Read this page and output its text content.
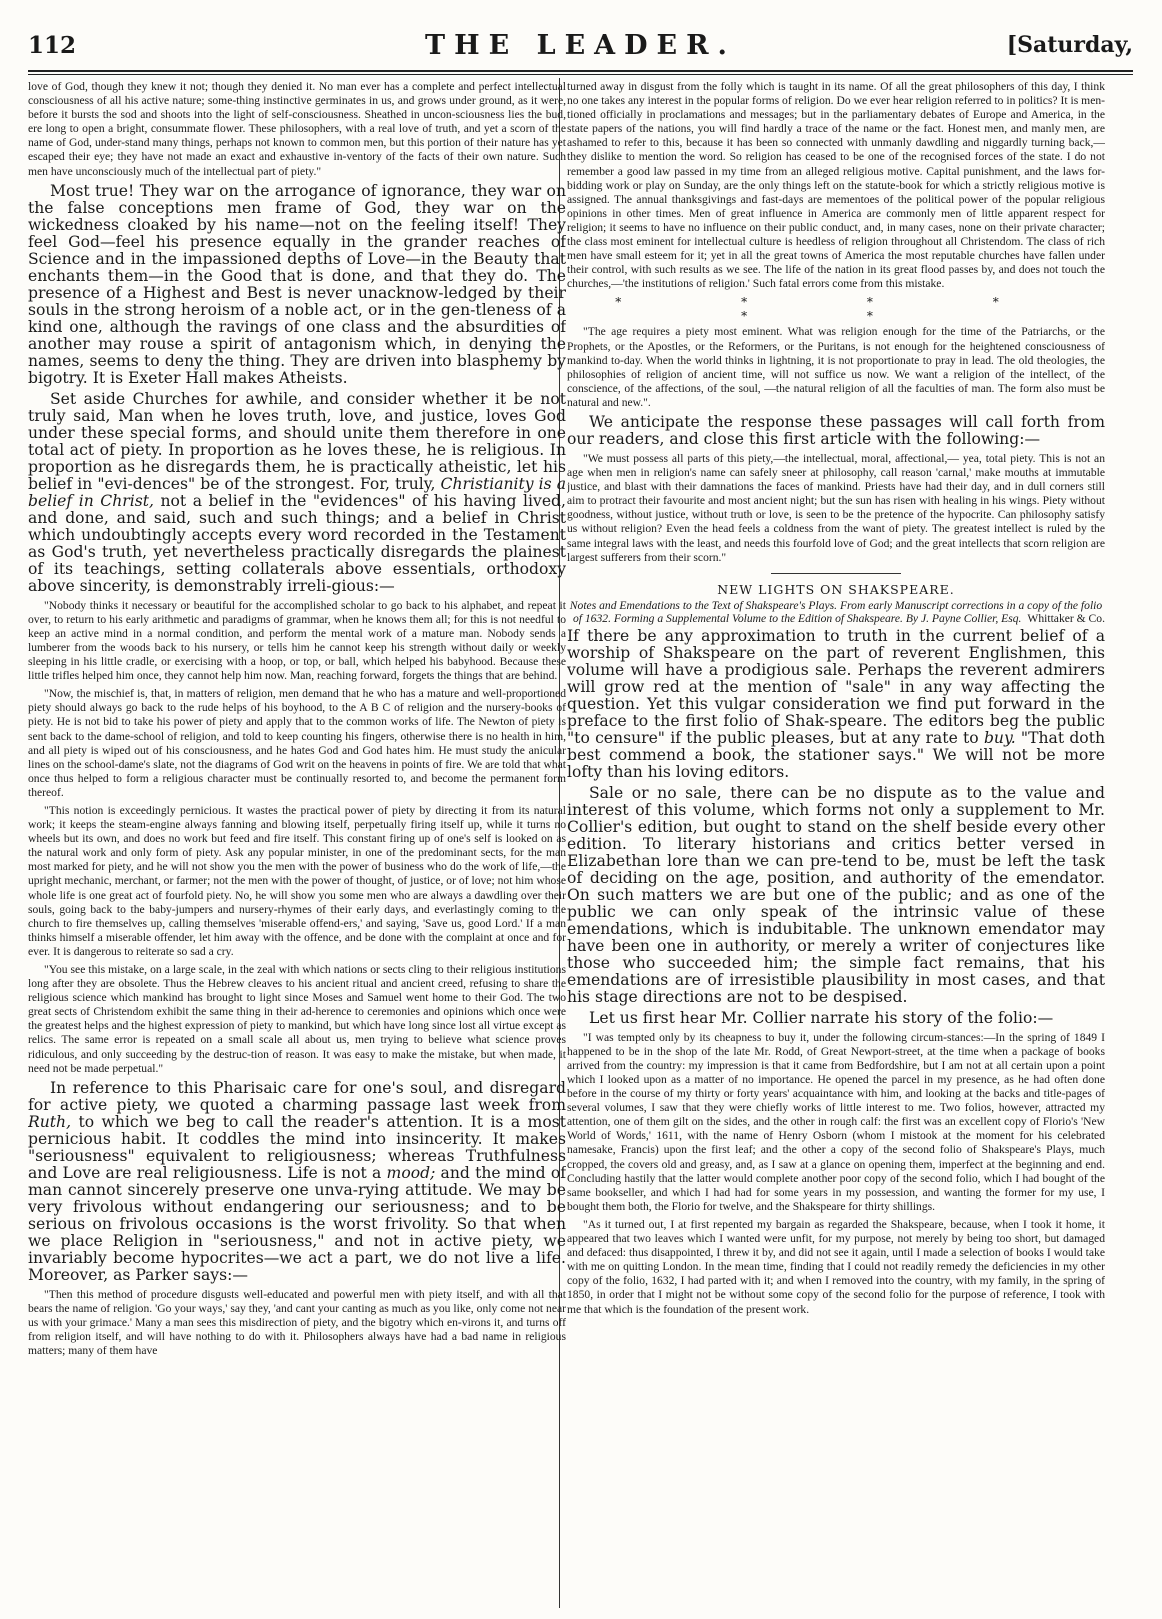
112	THE LEADER.	[Saturday,

love of God, though they knew it not; though they denied it. No man ever has a complete and perfect intellectual consciousness of all his active nature; some-thing instinctive germinates in us, and grows under ground, as it were, before it bursts the sod and shoots into the light of self-consciousness. Sheathed in uncon-sciousness lies the bud, ere long to open a bright, consummate flower. These philosophers, with a real love of truth, and yet a scorn of the name of God, under-stand many things, perhaps not known to common men, but this portion of their nature has yet escaped their eye; they have not made an exact and exhaustive in-ventory of the facts of their own nature. Such men have unconsciously much of the intellectual part of piety."

Most true! They war on the arrogance of ignorance, they war on the false conceptions men frame of God, they war on the wickedness cloaked by his name—not on the feeling itself! They feel God—feel his presence equally in the grander reaches of Science and in the impassioned depths of Love—in the Beauty that enchants them—in the Good that is done, and that they do. The presence of a Highest and Best is never unacknow-ledged by their souls in the strong heroism of a noble act, or in the gen-tleness of a kind one, although the ravings of one class and the absurdities of another may rouse a spirit of antagonism which, in denying the names, seems to deny the thing. They are driven into blasphemy by bigotry. It is Exeter Hall makes Atheists.

Set aside Churches for awhile, and consider whether it be not truly said, Man when he loves truth, love, and justice, loves God under these special forms, and should unite them therefore in one total act of piety. In proportion as he loves these, he is religious. In proportion as he disregards them, he is practically atheistic, let his belief in "evi-dences" be of the strongest. For, truly, Christianity is a belief in Christ, not a belief in the "evidences" of his having lived, and done, and said, such and such things; and a belief in Christ which undoubtingly accepts every word recorded in the Testament as God's truth, yet nevertheless practically disregards the plainest of its teachings, setting collaterals above essentials, orthodoxy above sincerity, is demonstrably irreli-gious:—

"Nobody thinks it necessary or beautiful for the accomplished scholar to go back to his alphabet, and repeat it over, to return to his early arithmetic and paradigms of grammar, when he knows them all; for this is not needful to keep an active mind in a normal condition, and perform the mental work of a mature man. Nobody sends a lumberer from the woods back to his nursery, or tells him he cannot keep his strength without daily or weekly sleeping in his little cradle, or exercising with a hoop, or top, or ball, which helped his babyhood. Because these little trifles helped him once, they cannot help him now. Man, reaching forward, forgets the things that are behind.

"Now, the mischief is, that, in matters of religion, men demand that he who has a mature and well-proportioned piety should always go back to the rude helps of his boyhood, to the A B C of religion and the nursery-books of piety. He is not bid to take his power of piety and apply that to the common works of life. The Newton of piety is sent back to the dame-school of religion, and told to keep counting his fingers, otherwise there is no health in him, and all piety is wiped out of his consciousness, and he hates God and God hates him. He must study the anicular lines on the school-dame's slate, not the diagrams of God writ on the heavens in points of fire. We are told that what once thus helped to form a religious character must be continually resorted to, and become the permanent form thereof.

"This notion is exceedingly pernicious. It wastes the practical power of piety by directing it from its natural work; it keeps the steam-engine always fanning and blowing itself, perpetually firing itself up, while it turns no wheels but its own, and does no work but feed and fire itself. This constant firing up of one's self is looked on as the natural work and only form of piety. Ask any popular minister, in one of the predominant sects, for the man most marked for piety, and he will not show you the men with the power of business who do the work of life,—the upright mechanic, merchant, or farmer; not the men with the power of thought, of justice, or of love; not him whose whole life is one great act of fourfold piety. No, he will show you some men who are always a dawdling over their souls, going back to the baby-jumpers and nursery-rhymes of their early days, and everlastingly coming to the church to fire themselves up, calling themselves 'miserable offend-ers,' and saying, 'Save us, good Lord.' If a man thinks himself a miserable offender, let him away with the offence, and be done with the complaint at once and for ever. It is dangerous to reiterate so sad a cry.

"You see this mistake, on a large scale, in the zeal with which nations or sects cling to their religious institutions long after they are obsolete. Thus the Hebrew cleaves to his ancient ritual and ancient creed, refusing to share the religious science which mankind has brought to light since Moses and Samuel went home to their God. The two great sects of Christendom exhibit the same thing in their ad-herence to ceremonies and opinions which once were the greatest helps and the highest expression of piety to mankind, but which have long since lost all virtue except as relics. The same error is repeated on a small scale all about us, men trying to believe what science proves ridiculous, and only succeeding by the destruc-tion of reason. It was easy to make the mistake, but when made, it need not be made perpetual."

In reference to this Pharisaic care for one's soul, and disregard for active piety, we quoted a charming passage last week from Ruth, to which we beg to call the reader's attention. It is a most pernicious habit. It coddles the mind into insincerity. It makes "seriousness" equivalent to religiousness; whereas Truthfulness and Love are real religiousness. Life is not a mood; and the mind of man cannot sincerely preserve one unva-rying attitude. We may be very frivolous without endangering our seriousness; and to be serious on frivolous occasions is the worst frivolity. So that when we place Religion in "seriousness," and not in active piety, we invariably become hypocrites—we act a part, we do not live a life. Moreover, as Parker says:—

"Then this method of procedure disgusts well-educated and powerful men with piety itself, and with all that bears the name of religion. 'Go your ways,' say they, 'and cant your canting as much as you like, only come not near us with your grimace.' Many a man sees this misdirection of piety, and the bigotry which en-virons it, and turns off from religion itself, and will have nothing to do with it. Philosophers always have had a bad name in religious matters; many of them have

turned away in disgust from the folly which is taught in its name. Of all the great philosophers of this day, I think no one takes any interest in the popular forms of religion. Do we ever hear religion referred to in politics? It is men-tioned officially in proclamations and messages; but in the parliamentary debates of Europe and America, in the state papers of the nations, you will find hardly a trace of the name or the fact. Honest men, and manly men, are ashamed to refer to this, because it has been so connected with unmanly dawdling and niggardly turning back,—they dislike to mention the word. So religion has ceased to be one of the recognised forces of the state. I do not remember a good law passed in my time from an alleged religious motive. Capital punishment, and the laws for-bidding work or play on Sunday, are the only things left on the statute-book for which a strictly religious motive is assigned. The annual thanksgivings and fast-days are mementoes of the political power of the popular religious opinions in other times. Men of great influence in America are commonly men of little apparent respect for religion; it seems to have no influence on their public conduct, and, in many cases, none on their private character; the class most eminent for intellectual culture is heedless of religion throughout all Christendom. The class of rich men have small esteem for it; yet in all the great towns of America the most reputable churches have fallen under their control, with such results as we see. The life of the nation in its great flood passes by, and does not touch the churches,—'the institutions of religion.' Such fatal errors come from this mistake.

* * * * * *

"The age requires a piety most eminent. What was religion enough for the time of the Patriarchs, or the Prophets, or the Apostles, or the Reformers, or the Puritans, is not enough for the heightened consciousness of mankind to-day. When the world thinks in lightning, it is not proportionate to pray in lead. The old theologies, the philosophies of religion of ancient time, will not suffice us now. We want a religion of the intellect, of the conscience, of the affections, of the soul, —the natural religion of all the faculties of man. The form also must be natural and new.".

We anticipate the response these passages will call forth from our readers, and close this first article with the following:—

"We must possess all parts of this piety,—the intellectual, moral, affectional,— yea, total piety. This is not an age when men in religion's name can safely sneer at philosophy, call reason 'carnal,' make mouths at immutable justice, and blast with their damnations the faces of mankind. Priests have had their day, and in dull corners still aim to protract their favourite and most ancient night; but the sun has risen with healing in his wings. Piety without goodness, without justice, without truth or love, is seen to be the pretence of the hypocrite. Can philosophy satisfy us without religion? Even the head feels a coldness from the want of piety. The greatest intellect is ruled by the same integral laws with the least, and needs this fourfold love of God; and the great intellects that scorn religion are largest sufferers from their scorn."

NEW LIGHTS ON SHAKSPEARE.

Notes and Emendations to the Text of Shakspeare's Plays. From early Manuscript corrections in a copy of the folio of 1632. Forming a Supplemental Volume to the Edition of Shakspeare. By J. Payne Collier, Esq. Whittaker & Co.

If there be any approximation to truth in the current belief of a worship of Shakspeare on the part of reverent Englishmen, this volume will have a prodigious sale. Perhaps the reverent admirers will grow red at the mention of "sale" in any way affecting the question. Yet this vulgar consideration we find put forward in the preface to the first folio of Shak-speare. The editors beg the public "to censure" if the public pleases, but at any rate to buy. "That doth best commend a book, the stationer says." We will not be more lofty than his loving editors.

Sale or no sale, there can be no dispute as to the value and interest of this volume, which forms not only a supplement to Mr. Collier's edition, but ought to stand on the shelf beside every other edition. To literary historians and critics better versed in Elizabethan lore than we can pre-tend to be, must be left the task of deciding on the age, position, and authority of the emendator. On such matters we are but one of the public; and as one of the public we can only speak of the intrinsic value of these emendations, which is indubitable. The unknown emendator may have been one in authority, or merely a writer of conjectures like those who succeeded him; the simple fact remains, that his emendations are of irresistible plausibility in most cases, and that his stage directions are not to be despised.

Let us first hear Mr. Collier narrate his story of the folio:—

"I was tempted only by its cheapness to buy it, under the following circum-stances:—In the spring of 1849 I happened to be in the shop of the late Mr. Rodd, of Great Newport-street, at the time when a package of books arrived from the country: my impression is that it came from Bedfordshire, but I am not at all certain upon a point which I looked upon as a matter of no importance. He opened the parcel in my presence, as he had often done before in the course of my thirty or forty years' acquaintance with him, and looking at the backs and title-pages of several volumes, I saw that they were chiefly works of little interest to me. Two folios, however, attracted my attention, one of them gilt on the sides, and the other in rough calf: the first was an excellent copy of Florio's 'New World of Words,' 1611, with the name of Henry Osborn (whom I mistook at the moment for his celebrated namesake, Francis) upon the first leaf; and the other a copy of the second folio of Shakspeare's Plays, much cropped, the covers old and greasy, and, as I saw at a glance on opening them, imperfect at the beginning and end. Concluding hastily that the latter would complete another poor copy of the second folio, which I had bought of the same bookseller, and which I had had for some years in my possession, and wanting the former for my use, I bought them both, the Florio for twelve, and the Shakspeare for thirty shillings.

"As it turned out, I at first repented my bargain as regarded the Shakspeare, because, when I took it home, it appeared that two leaves which I wanted were unfit, for my purpose, not merely by being too short, but damaged and defaced: thus disappointed, I threw it by, and did not see it again, until I made a selection of books I would take with me on quitting London. In the mean time, finding that I could not readily remedy the deficiencies in my other copy of the folio, 1632, I had parted with it; and when I removed into the country, with my family, in the spring of 1850, in order that I might not be without some copy of the second folio for the purpose of reference, I took with me that which is the foundation of the present work.
